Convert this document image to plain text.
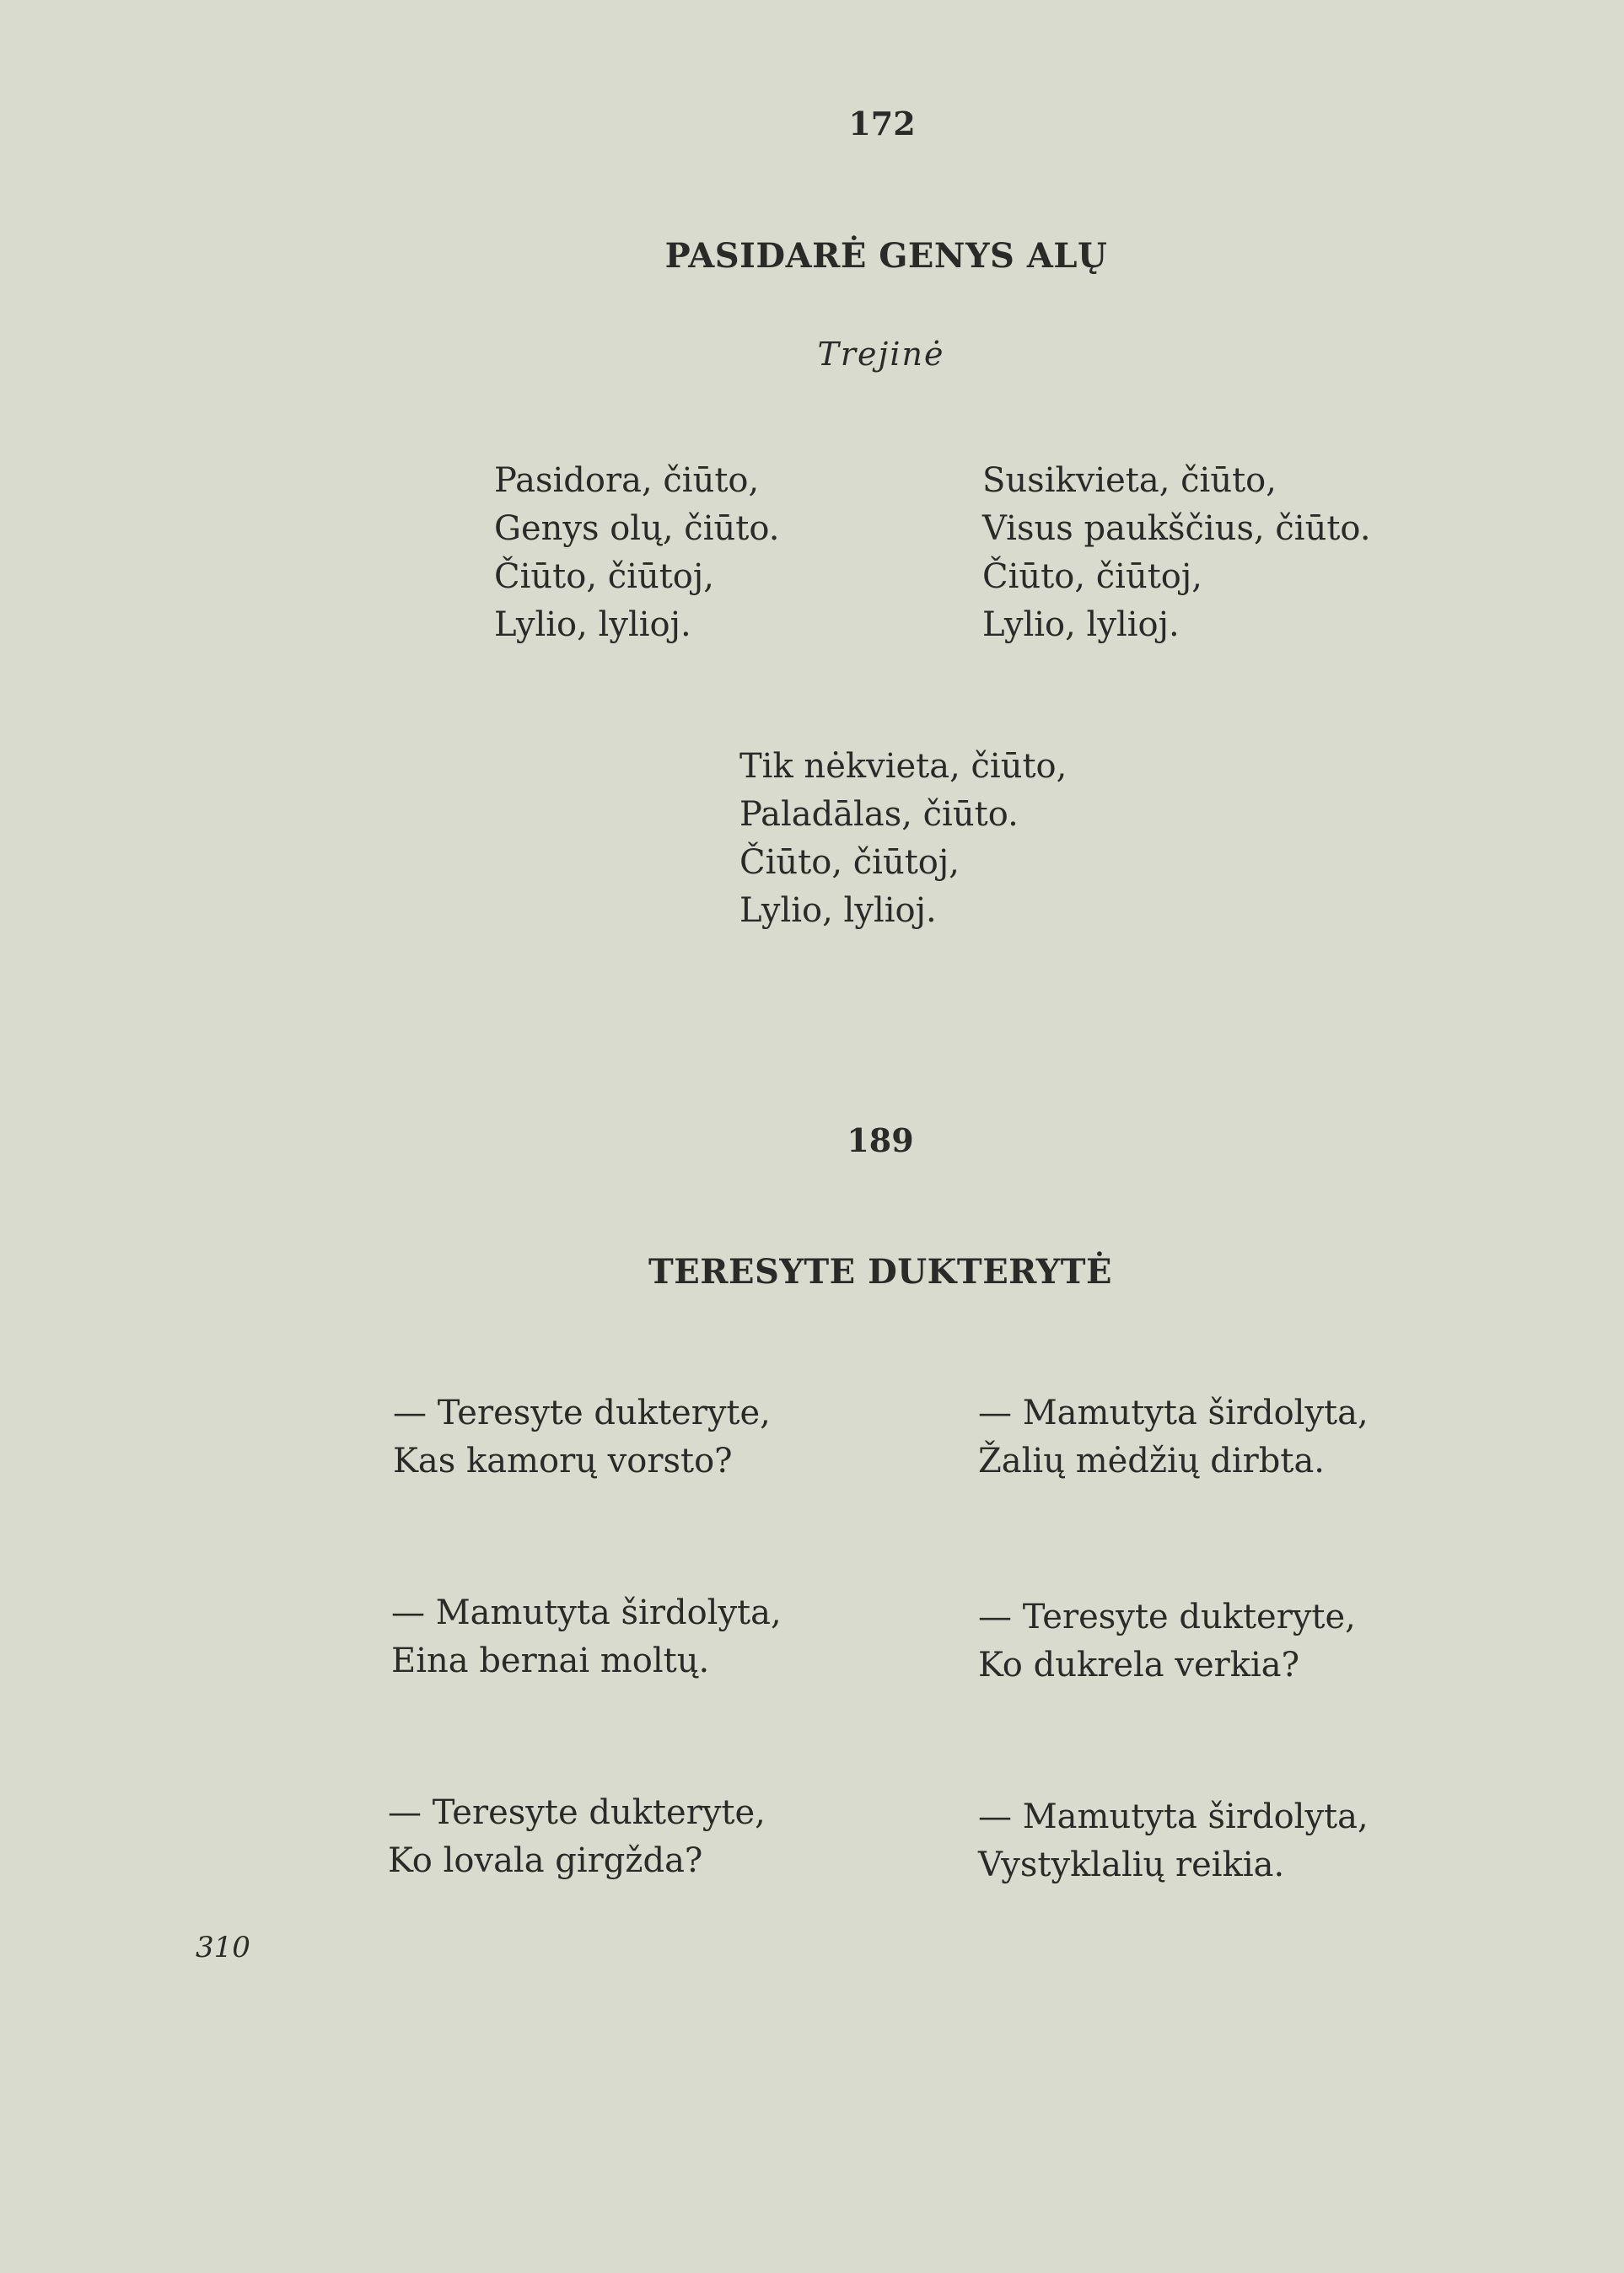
172
PASIDARĖ GENYS ALŲ
Trejinė
Pasidora, čiūto,
Genys olų, čiūto.
Čiūto, čiūtoj,
Lylio, lylioj.
Susikvieta, čiūto,
Visus paukščius, čiūto.
Čiūto, čiūtoj,
Lylio, lylioj.
Tik nėkvieta, čiūto,
Paladālas, čiūto.
Čiūto, čiūtoj,
Lylio, lylioj.
189
TERESYTE DUKTERYTĖ
— Teresyte dukteryte,
Kas kamorų vorsto?
— Mamutyta širdolyta,
Žalių mėdžių dirbta.
— Mamutyta širdolyta,
Eina bernai moltų.
— Teresyte dukteryte,
Ko dukrela verkia?
— Teresyte dukteryte,
Ko lovala girgžda?
— Mamutyta širdolyta,
Vystyklalių reikia.
310
